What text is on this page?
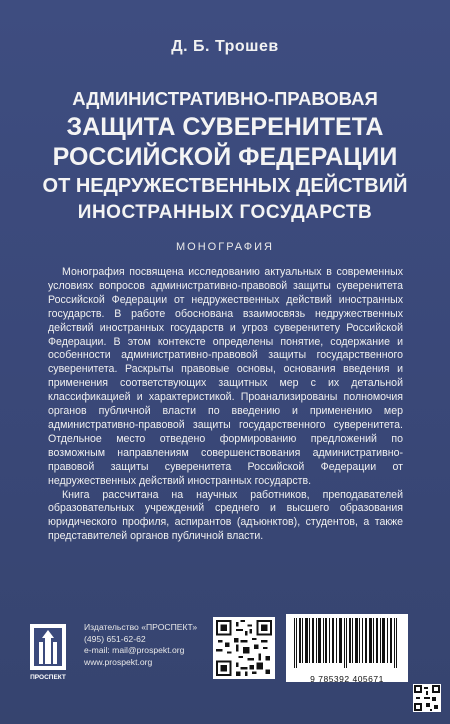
Д. Б. Трошев
АДМИНИСТРАТИВНО-ПРАВОВАЯ
ЗАЩИТА СУВЕРЕНИТЕТА
РОССИЙСКОЙ ФЕДЕРАЦИИ
ОТ НЕДРУЖЕСТВЕННЫХ ДЕЙСТВИЙ
ИНОСТРАННЫХ ГОСУДАРСТВ
МОНОГРАФИЯ

Монография посвящена исследованию актуальных в современных условиях вопросов административно-правовой защиты суверенитета Российской Федерации от недружественных действий иностранных государств. В работе обоснована взаимосвязь недружественных действий иностранных государств и угроз суверенитету Российской Федерации. В этом контексте определены понятие, содержание и особенности административно-правовой защиты государственного суверенитета. Раскрыты правовые основы, основания введения и применения соответствующих защитных мер с их детальной классификацией и характеристикой. Проанализированы полномочия органов публичной власти по введению и применению мер административно-правовой защиты государственного суверенитета. Отдельное место отведено формированию предложений по возможным направлениям совершенствования административно-правовой защиты суверенитета Российской Федерации от недружественных действий иностранных государств.

Книга рассчитана на научных работников, преподавателей образовательных учреждений среднего и высшего образования юридического профиля, аспирантов (адъюнктов), студентов, а также представителей органов публичной власти.

ПРОСПЕКТ
Издательство «ПРОСПЕКТ»
(495) 651-62-62
e-mail: mail@prospekt.org
www.prospekt.org
9 785392 405671
